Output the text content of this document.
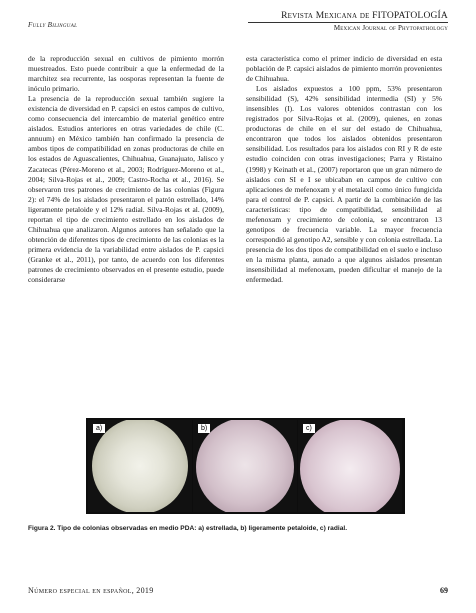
Fully Bilingual
Revista Mexicana de FITOPATOLOGÍA
Mexican Journal of Phytopathology

de la reproducción sexual en cultivos de pimiento morrón muestreados. Esto puede contribuir a que la enfermedad de la marchitez sea recurrente, las oosporas representan la fuente de inóculo primario.

La presencia de la reproducción sexual también sugiere la existencia de diversidad en P. capsici en estos campos de cultivo, como consecuencia del intercambio de material genético entre aislados. Estudios anteriores en otras variedades de chile (C. annuum) en México también han confirmado la presencia de ambos tipos de compatibilidad en zonas productoras de chile en los estados de Aguascalientes, Chihuahua, Guanajuato, Jalisco y Zacatecas (Pérez-Moreno et al., 2003; Rodríguez-Moreno et al., 2004; Silva-Rojas et al., 2009; Castro-Rocha et al., 2016). Se observaron tres patrones de crecimiento de las colonias (Figura 2): el 74% de los aislados presentaron el patrón estrellado, 14% ligeramente petaloide y el 12% radial. Silva-Rojas et al. (2009), reportan el tipo de crecimiento estrellado en los aislados de Chihuahua que analizaron. Algunos autores han señalado que la obtención de diferentes tipos de crecimiento de las colonias es la primera evidencia de la variabilidad entre aislados de P. capsici (Granke et al., 2011), por tanto, de acuerdo con los diferentes patrones de crecimiento observados en el presente estudio, puede considerarse

esta característica como el primer indicio de diversidad en esta población de P. capsici aislados de pimiento morrón provenientes de Chihuahua.

Los aislados expuestos a 100 ppm, 53% presentaron sensibilidad (S), 42% sensibilidad intermedia (SI) y 5% insensibles (I). Los valores obtenidos contrastan con los registrados por Silva-Rojas et al. (2009), quienes, en zonas productoras de chile en el sur del estado de Chihuahua, encontraron que todos los aislados obtenidos presentaron sensibilidad. Los resultados para los aislados con RI y R de este estudio coinciden con otras investigaciones; Parra y Ristaino (1998) y Keinath et al., (2007) reportaron que un gran número de aislados con SI e I se ubicaban en campos de cultivo con aplicaciones de mefenoxam y el metalaxil como único fungicida para el control de P. capsici. A partir de la combinación de las características: tipo de compatibilidad, sensibilidad al mefenoxam y crecimiento de colonia, se encontraron 13 genotipos de frecuencia variable. La mayor frecuencia correspondió al genotipo A2, sensible y con colonia estrellada. La presencia de los dos tipos de compatibilidad en el suelo e incluso en la misma planta, aunado a que algunos aislados presentan insensibilidad al mefenoxam, pueden dificultar el manejo de la enfermedad.

a)	b)	c)
Figura 2. Tipo de colonias observadas en medio PDA: a) estrellada, b) ligeramente petaloide, c) radial.
Número especial en español, 2019	69
